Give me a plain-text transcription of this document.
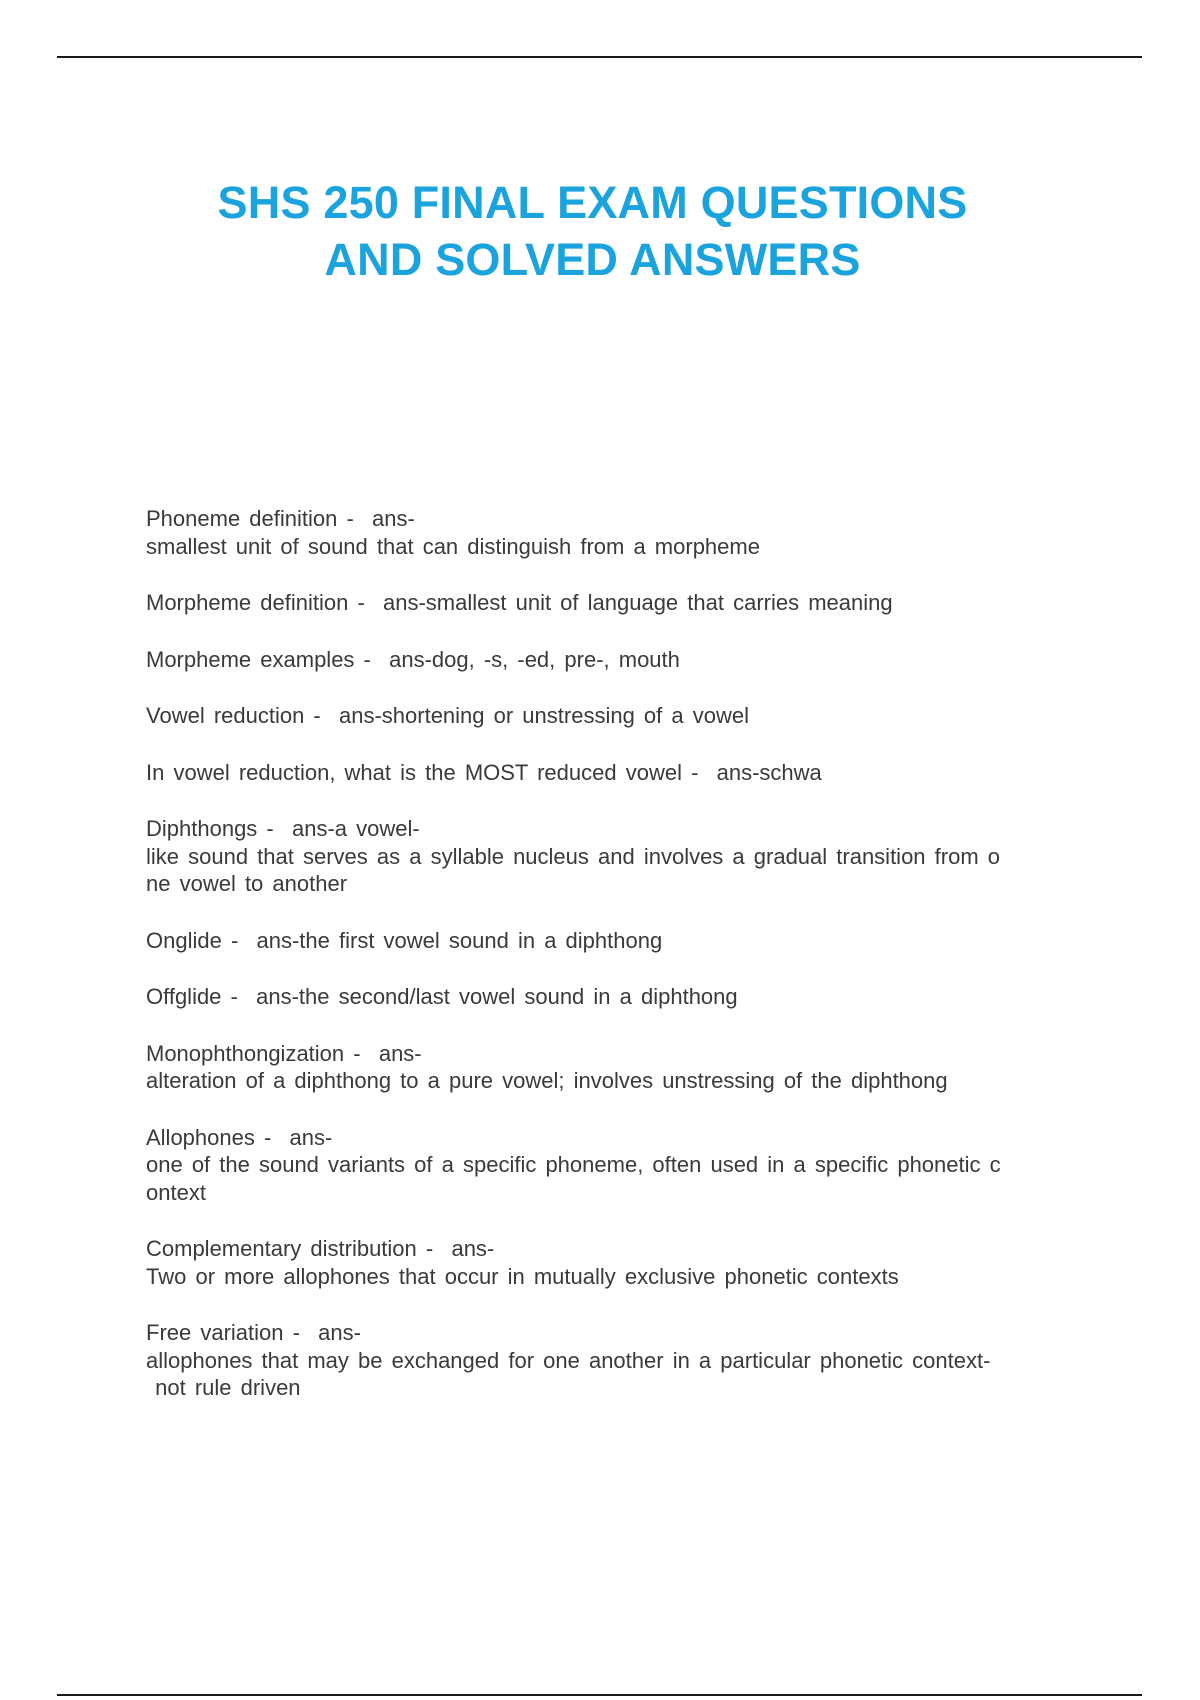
SHS 250 FINAL EXAM QUESTIONS
AND SOLVED ANSWERS
Phoneme definition -  ans-
smallest unit of sound that can distinguish from a morpheme
Morpheme definition -  ans-smallest unit of language that carries meaning
Morpheme examples -  ans-dog, -s, -ed, pre-, mouth
Vowel reduction -  ans-shortening or unstressing of a vowel
In vowel reduction, what is the MOST reduced vowel -  ans-schwa
Diphthongs -  ans-a vowel-
like sound that serves as a syllable nucleus and involves a gradual transition from o
ne vowel to another
Onglide -  ans-the first vowel sound in a diphthong
Offglide -  ans-the second/last vowel sound in a diphthong
Monophthongization -  ans-
alteration of a diphthong to a pure vowel; involves unstressing of the diphthong
Allophones -  ans-
one of the sound variants of a specific phoneme, often used in a specific phonetic c
ontext
Complementary distribution -  ans-
Two or more allophones that occur in mutually exclusive phonetic contexts
Free variation -  ans-
allophones that may be exchanged for one another in a particular phonetic context-
not rule driven
